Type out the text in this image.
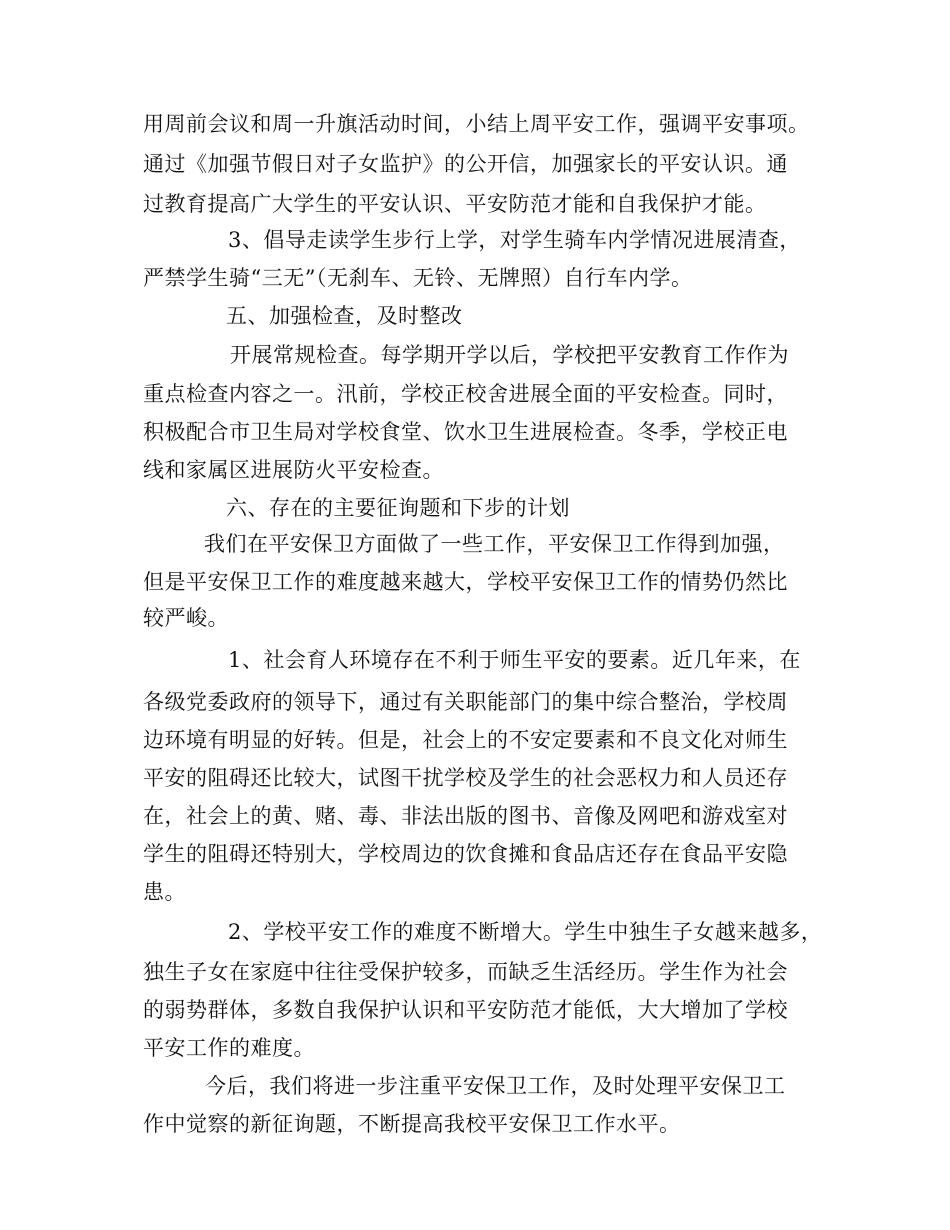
用周前会议和周一升旗活动时间，小结上周平安工作，强调平安事项。
通过《加强节假日对子女监护》的公开信，加强家长的平安认识。通
过教育提高广大学生的平安认识、平安防范才能和自我保护才能。
3、倡导走读学生步行上学，对学生骑车内学情况进展清查，
严禁学生骑“三无”（无刹车、无铃、无牌照）自行车内学。
五、加强检查，及时整改
开展常规检查。每学期开学以后，学校把平安教育工作作为
重点检查内容之一。汛前，学校正校舍进展全面的平安检查。同时，
积极配合市卫生局对学校食堂、饮水卫生进展检查。冬季，学校正电
线和家属区进展防火平安检查。
六、存在的主要征询题和下步的计划
我们在平安保卫方面做了一些工作，平安保卫工作得到加强，
但是平安保卫工作的难度越来越大，学校平安保卫工作的情势仍然比
较严峻。
1、社会育人环境存在不利于师生平安的要素。近几年来，在
各级党委政府的领导下，通过有关职能部门的集中综合整治，学校周
边环境有明显的好转。但是，社会上的不安定要素和不良文化对师生
平安的阻碍还比较大，试图干扰学校及学生的社会恶权力和人员还存
在，社会上的黄、赌、毒、非法出版的图书、音像及网吧和游戏室对
学生的阻碍还特别大，学校周边的饮食摊和食品店还存在食品平安隐
患。
2、学校平安工作的难度不断增大。学生中独生子女越来越多，
独生子女在家庭中往往受保护较多，而缺乏生活经历。学生作为社会
的弱势群体，多数自我保护认识和平安防范才能低，大大增加了学校
平安工作的难度。
今后，我们将进一步注重平安保卫工作，及时处理平安保卫工
作中觉察的新征询题，不断提高我校平安保卫工作水平。
